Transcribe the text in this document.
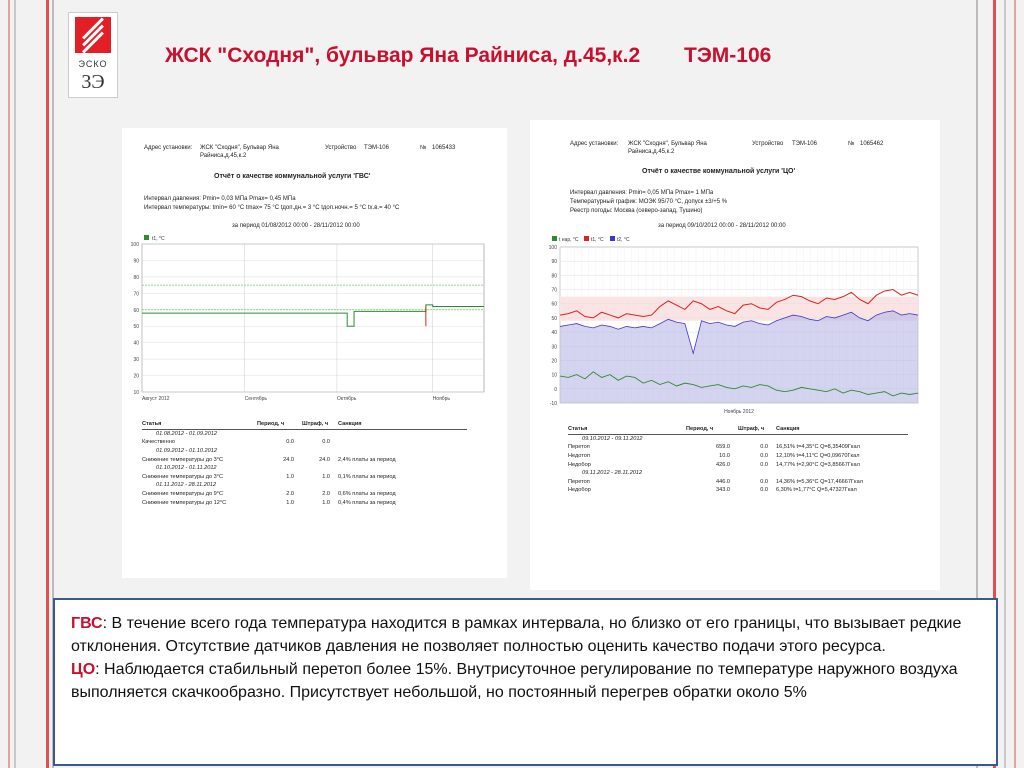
ЭСКО
3Э
ЖСК "Сходня", бульвар Яна Райниса, д.45,к.2 ТЭМ-106
Адрес установки: ЖСК "Сходня", Бульвар Яна
Райниса,д.45,к.2
Устройство ТЭМ-106	№ 1065433
Отчёт о качестве коммунальной услуги 'ГВС'
Интервал давления: Pmin= 0,03 МПа Pmax= 0,45 МПа
Интервал температуры: tmin= 60 °C tmax= 75 °C tдоп.дн.= 3 °C tдоп.ночн.= 5 °C tх.в.= 40 °C
за период 01/08/2012 00:00 - 28/11/2012 00:00
10
20
30
40
50
60
70
80
90
100
Август 2012	Сентябрь	Октябрь	Ноябрь
t1, °C
Статья	Период, ч	Штраф, ч	Санкция
01.08.2012 - 01.09.2012
Качественно	0.0	0.0
01.09.2012 - 01.10.2012
Снижение температуры до 3°С	24.0	24.0	2,4% платы за период
01.10.2012 - 01.11.2012
Снижение температуры до 3°С	1.0	1.0	0,1% платы за период
01.11.2012 - 28.11.2012
Снижение температуры до 9°С	2.0	2.0	0,6% платы за период
Снижение температуры до 12°С	1.0	1.0	0,4% платы за период
Адрес установки: ЖСК "Сходня", Бульвар Яна
Райниса,д.45,к.2
Устройство ТЭМ-106	№ 1065462
Отчёт о качестве коммунальной услуги 'ЦО'
Интервал давления: Pmin= 0,05 МПа Pmax= 1 МПа
Температурный график: МОЭК 95/70 °C, допуск ±3/+5 %
Реестр погоды: Москва (северо-запад, Тушино)
за период 09/10/2012 00:00 - 28/11/2012 00:00
-10
0
10
20
30
40
50
60
70
80
90
100
Ноябрь 2012
t нар, °C	t1, °C	t2, °C
Статья	Период, ч	Штраф, ч	Санкция
09.10.2012 - 09.11.2012
Перетоп	659.0	0.0	16,51% t=4,35°C Q=8,35409Гкал
Недотоп	10.0	0.0	12,10% t=4,11°C Q=0,09670Гкал
Недобор	426.0	0.0	14,77% t=2,90°C Q=3,85667Гкал
09.11.2012 - 28.11.2012
Перетоп	446.0	0.0	14,36% t=5,36°C Q=17,46667Гкал
Недобор	343.0	0.0	6,30% t=1,77°C Q=5,47327Гкал
ГВС: В течение всего года температура находится в рамках интервала, но близко от его границы, что вызывает редкие отклонения. Отсутствие датчиков давления не позволяет полностью оценить качество подачи этого ресурса.
ЦО: Наблюдается стабильный перетоп более 15%. Внутрисуточное регулирование по температуре наружного воздуха выполняется скачкообразно. Присутствует небольшой, но постоянный перегрев обратки около 5%
